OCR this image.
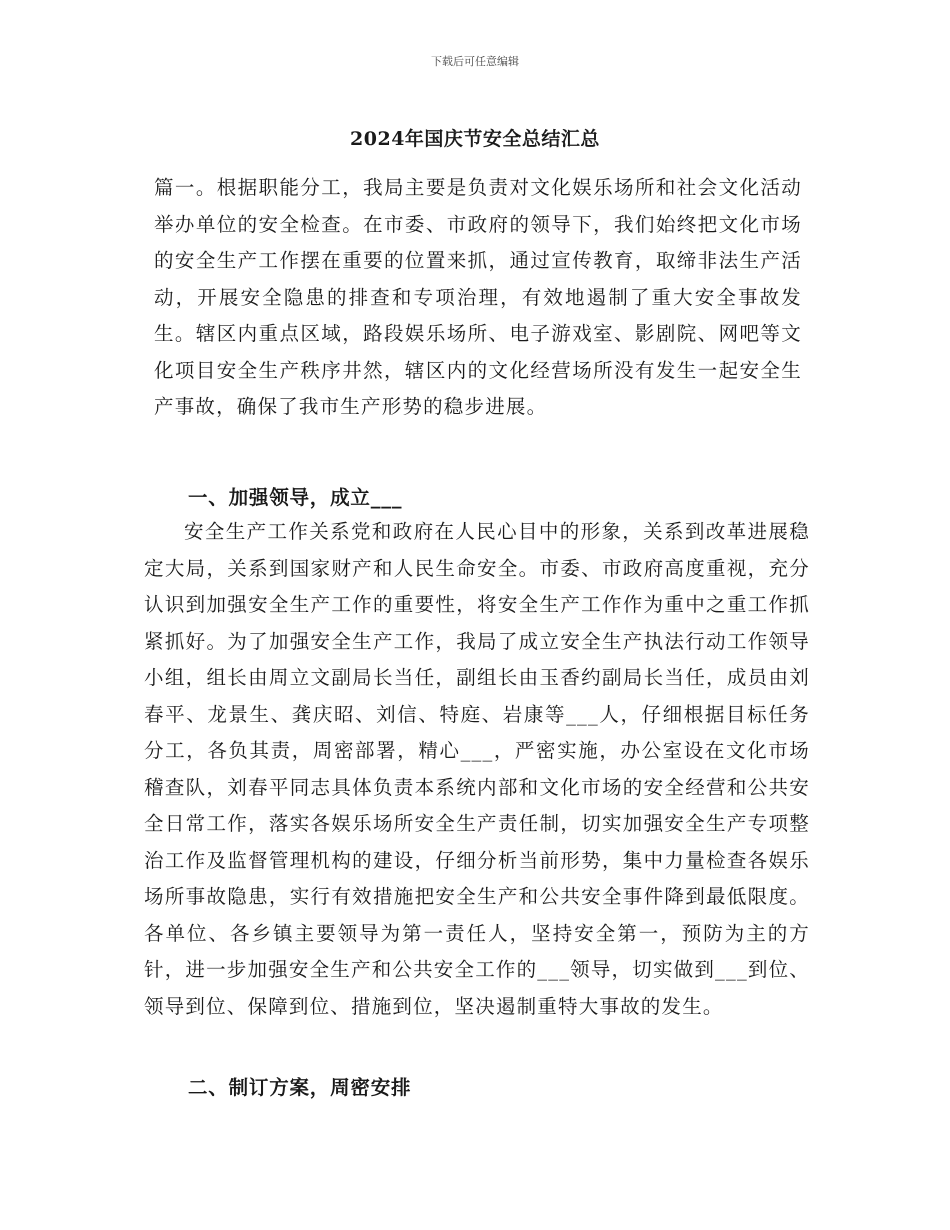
下载后可任意编辑
2024年国庆节安全总结汇总

篇一。根据职能分工，我局主要是负责对文化娱乐场所和社会文化活动举办单位的安全检查。在市委、市政府的领导下，我们始终把文化市场的安全生产工作摆在重要的位置来抓，通过宣传教育，取缔非法生产活动，开展安全隐患的排查和专项治理，有效地遏制了重大安全事故发生。辖区内重点区域，路段娱乐场所、电子游戏室、影剧院、网吧等文化项目安全生产秩序井然，辖区内的文化经营场所没有发生一起安全生产事故，确保了我市生产形势的稳步进展。

一、加强领导，成立___

安全生产工作关系党和政府在人民心目中的形象，关系到改革进展稳定大局，关系到国家财产和人民生命安全。市委、市政府高度重视，充分认识到加强安全生产工作的重要性，将安全生产工作作为重中之重工作抓紧抓好。为了加强安全生产工作，我局了成立安全生产执法行动工作领导小组，组长由周立文副局长当任，副组长由玉香约副局长当任，成员由刘春平、龙景生、龚庆昭、刘信、特庭、岩康等___人，仔细根据目标任务分工，各负其责，周密部署，精心___，严密实施，办公室设在文化市场稽查队，刘春平同志具体负责本系统内部和文化市场的安全经营和公共安全日常工作，落实各娱乐场所安全生产责任制，切实加强安全生产专项整治工作及监督管理机构的建设，仔细分析当前形势，集中力量检查各娱乐场所事故隐患，实行有效措施把安全生产和公共安全事件降到最低限度。各单位、各乡镇主要领导为第一责任人，坚持安全第一，预防为主的方针，进一步加强安全生产和公共安全工作的___领导，切实做到___到位、领导到位、保障到位、措施到位，坚决遏制重特大事故的发生。

二、制订方案，周密安排
